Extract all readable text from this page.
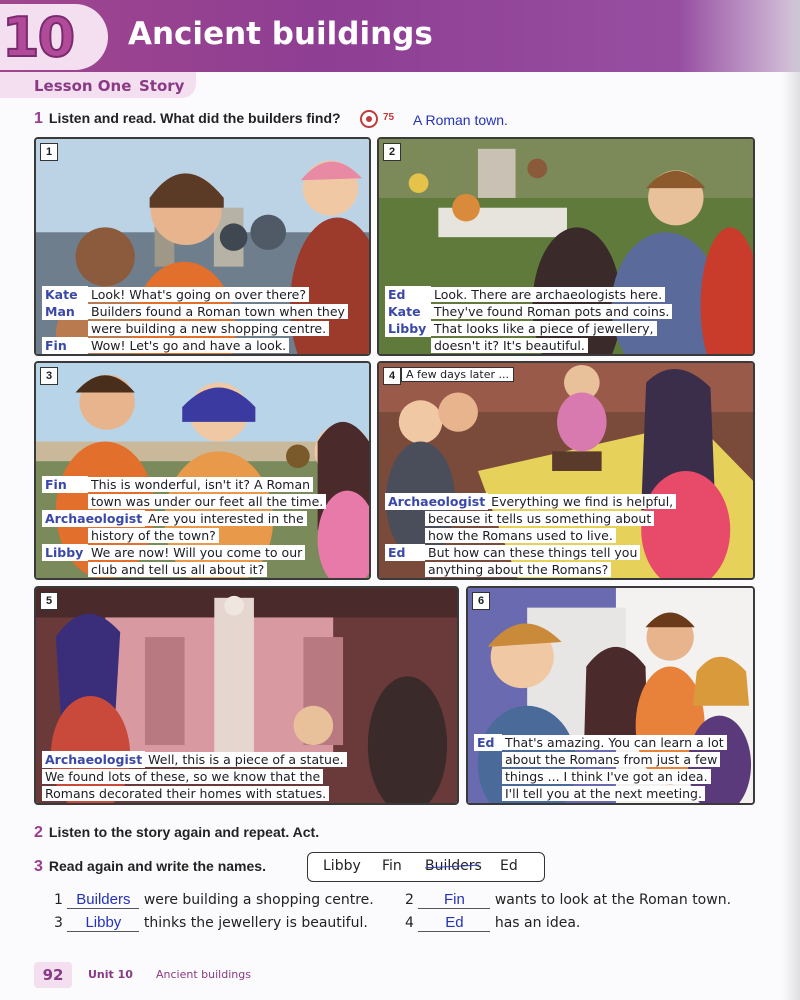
10 Ancient buildings
Lesson One Story
1 Listen and read. What did the builders find?	75 A Roman town.
1
Kate Look! What's going on over there?
Man Builders found a Roman town when they
were building a new shopping centre.
Fin Wow! Let's go and have a look.
2
Ed Look. There are archaeologists here.
Kate They've found Roman pots and coins.
Libby That looks like a piece of jewellery,
doesn't it? It's beautiful.
3
Fin This is wonderful, isn't it? A Roman
town was under our feet all the time.
Archaeologist Are you interested in the
history of the town?
Libby We are now! Will you come to our
club and tell us all about it?
4 A few days later ...
Archaeologist Everything we find is helpful,
because it tells us something about
how the Romans used to live.
Ed But how can these things tell you
anything about the Romans?
5
Archaeologist Well, this is a piece of a statue.
We found lots of these, so we know that the
Romans decorated their homes with statues.
6
Ed That's amazing. You can learn a lot
about the Romans from just a few
things ... I think I've got an idea.
I'll tell you at the next meeting.
2 Listen to the story again and repeat. Act.
3 Read again and write the names.	Libby Fin Builders Ed
1 Builders were building a shopping centre. 2 Fin wants to look at the Roman town.
3 Libby thinks the jewellery is beautiful.	4 Ed has an idea.
92	Unit 10 Ancient buildings
